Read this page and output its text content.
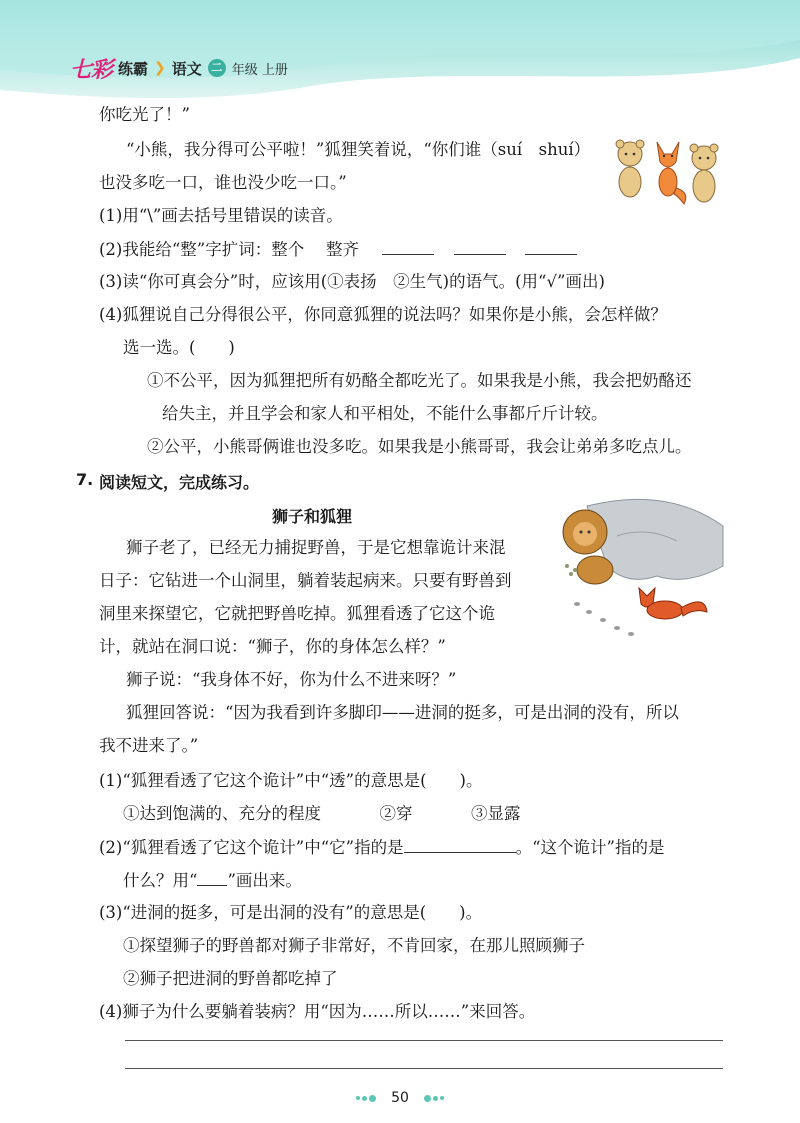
七彩 练霸 ❯ 语文 二 年级 上册
你吃光了！”
“小熊，我分得可公平啦！”狐狸笑着说，“你们谁（suí　shuí）
也没多吃一口，谁也没少吃一口。”
(1)用“\”画去括号里错误的读音。
(2)我能给“整”字扩词：整个　 整齐
(3)读“你可真会分”时，应该用(①表扬　②生气)的语气。(用“√”画出)
(4)狐狸说自己分得很公平，你同意狐狸的说法吗？如果你是小熊，会怎样做？
选一选。(　　)
①不公平，因为狐狸把所有奶酪全都吃光了。如果我是小熊，我会把奶酪还
给失主，并且学会和家人和平相处，不能什么事都斤斤计较。
②公平，小熊哥俩谁也没多吃。如果我是小熊哥哥，我会让弟弟多吃点儿。
7. 阅读短文，完成练习。
狮子和狐狸
狮子老了，已经无力捕捉野兽，于是它想靠诡计来混
日子：它钻进一个山洞里，躺着装起病来。只要有野兽到
洞里来探望它，它就把野兽吃掉。狐狸看透了它这个诡
计，就站在洞口说：“狮子，你的身体怎么样？”
狮子说：“我身体不好，你为什么不进来呀？”
狐狸回答说：“因为我看到许多脚印——进洞的挺多，可是出洞的没有，所以
我不进来了。”
(1)“狐狸看透了它这个诡计”中“透”的意思是(　　)。
①达到饱满的、充分的程度	②穿	③显露
(2)“狐狸看透了它这个诡计”中“它”指的是	。“这个诡计”指的是
什么？用“ ”画出来。
(3)“进洞的挺多，可是出洞的没有”的意思是(　　)。
①探望狮子的野兽都对狮子非常好，不肯回家，在那儿照顾狮子
②狮子把进洞的野兽都吃掉了
(4)狮子为什么要躺着装病？用“因为……所以……”来回答。
50
